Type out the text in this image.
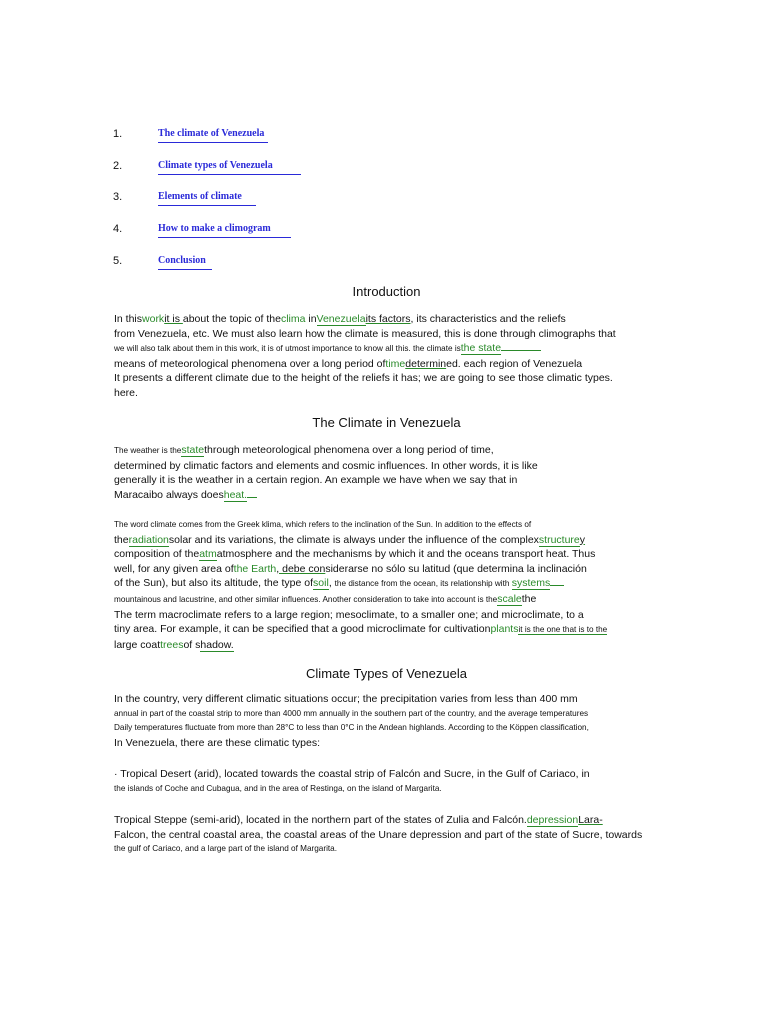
1.	The climate of Venezuela
2.	Climate types of Venezuela
3.	Elements of climate
4.	How to make a climogram
5.	Conclusion
Introduction
In thisworkit is about the topic of theclima inVenezuelaits factors, its characteristics and the reliefs
from Venezuela, etc. We must also learn how the climate is measured, this is done through climographs that
we will also talk about them in this work, it is of utmost importance to know all this. the climate isthe state
means of meteorological phenomena over a long period oftimedetermined. each region of Venezuela
It presents a different climate due to the height of the reliefs it has; we are going to see those climatic types.
here.
The Climate in Venezuela
The weather is thestatethrough meteorological phenomena over a long period of time,
determined by climatic factors and elements and cosmic influences. In other words, it is like
generally it is the weather in a certain region. An example we have when we say that in
Maracaibo always doesheat.
The word climate comes from the Greek klima, which refers to the inclination of the Sun. In addition to the effects of
theradiationsolar and its variations, the climate is always under the influence of the complexstructurey
composition of theatmatmosphere and the mechanisms by which it and the oceans transport heat. Thus
well, for any given area ofthe Earth, debe considerarse no sólo su latitud (que determina la inclinación
of the Sun), but also its altitude, the type ofsoil, the distance from the ocean, its relationship with systems
mountainous and lacustrine, and other similar influences. Another consideration to take into account is thescalethe
The term macroclimate refers to a large region; mesoclimate, to a smaller one; and microclimate, to a
tiny area. For example, it can be specified that a good microclimate for cultivationplantsit is the one that is to the
large coattreesof shadow.
Climate Types of Venezuela
In the country, very different climatic situations occur; the precipitation varies from less than 400 mm
annual in part of the coastal strip to more than 4000 mm annually in the southern part of the country, and the average temperatures
Daily temperatures fluctuate from more than 28°C to less than 0°C in the Andean highlands. According to the Köppen classification,
In Venezuela, there are these climatic types:
· Tropical Desert (arid), located towards the coastal strip of Falcón and Sucre, in the Gulf of Cariaco, in
the islands of Coche and Cubagua, and in the area of Restinga, on the island of Margarita.
Tropical Steppe (semi-arid), located in the northern part of the states of Zulia and Falcón.depressionLara-
Falcon, the central coastal area, the coastal areas of the Unare depression and part of the state of Sucre, towards
the gulf of Cariaco, and a large part of the island of Margarita.
